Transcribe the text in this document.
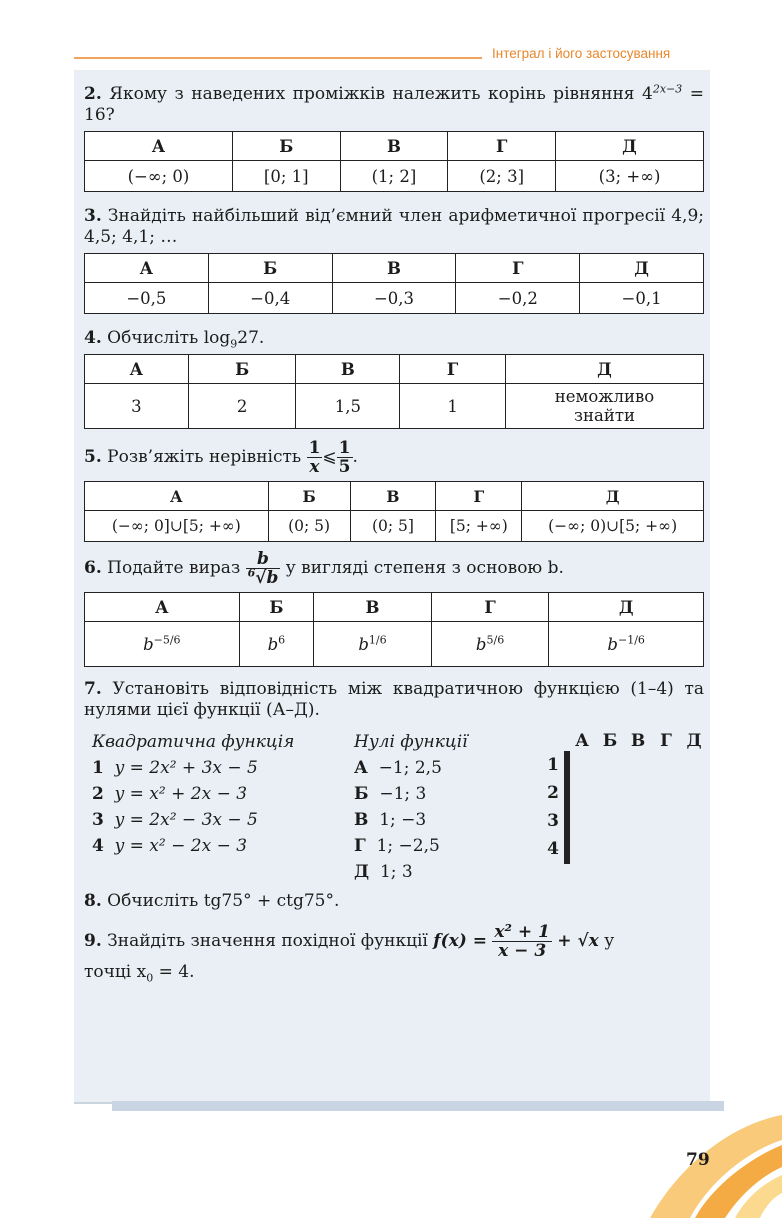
Інтеграл і його застосування

2. Якому з наведених проміжків належить корінь рівняння $4^{2x-3} = 16$?

А	Б	В	Г	Д
(−∞; 0)	[0; 1]	(1; 2]	(2; 3]	(3; +∞)

3. Знайдіть найбільший від’ємний член арифметичної прогресії 4,9; 4,5; 4,1; …

А	Б	В	Г	Д
−0,5	−0,4	−0,3	−0,2	−0,1

4. Обчисліть $\log_927$.

А	Б	В	Г	Д
3	2	1,5	1	неможливо знайти

5. Розв’яжіть нерівність $\frac{1}{x}$ ⩽ $\frac{1}{5}$ .

А	Б	В	Г	Д
(−∞; 0]∪[5; +∞)	(0; 5)	(0; 5]	[5; +∞)	(−∞; 0)∪[5; +∞)

6. Подайте вираз $\frac{b}{^6√b}$ у вигляді степеня з основою b.

А	Б	В	Г	Д
$b^{-5/6}$	$b^6$	$b^{1/6}$	$b^{5/6}$	$b^{-1/6}$

7. Установіть відповідність між квадратичною функцією (1–4) та нулями цієї функції (А–Д).

Квадратична функція
1 y = 2x² + 3x − 5
2 y = x² + 2x − 3
3 y = 2x² − 3x − 5
4 y = x² − 2x − 3
Нулі функції
А −1; 2,5
Б −1; 3
В 1; −3
Г 1; −2,5
Д 1; 3
А Б В Г Д
1
2
3
4

8. Обчисліть tg75° + ctg75°.

9. Знайдіть значення похідної функції $f(x) = \frac{\text{x² + 1}}{x - 3} + √x$ у

точці $x_0 = 4$.

79
